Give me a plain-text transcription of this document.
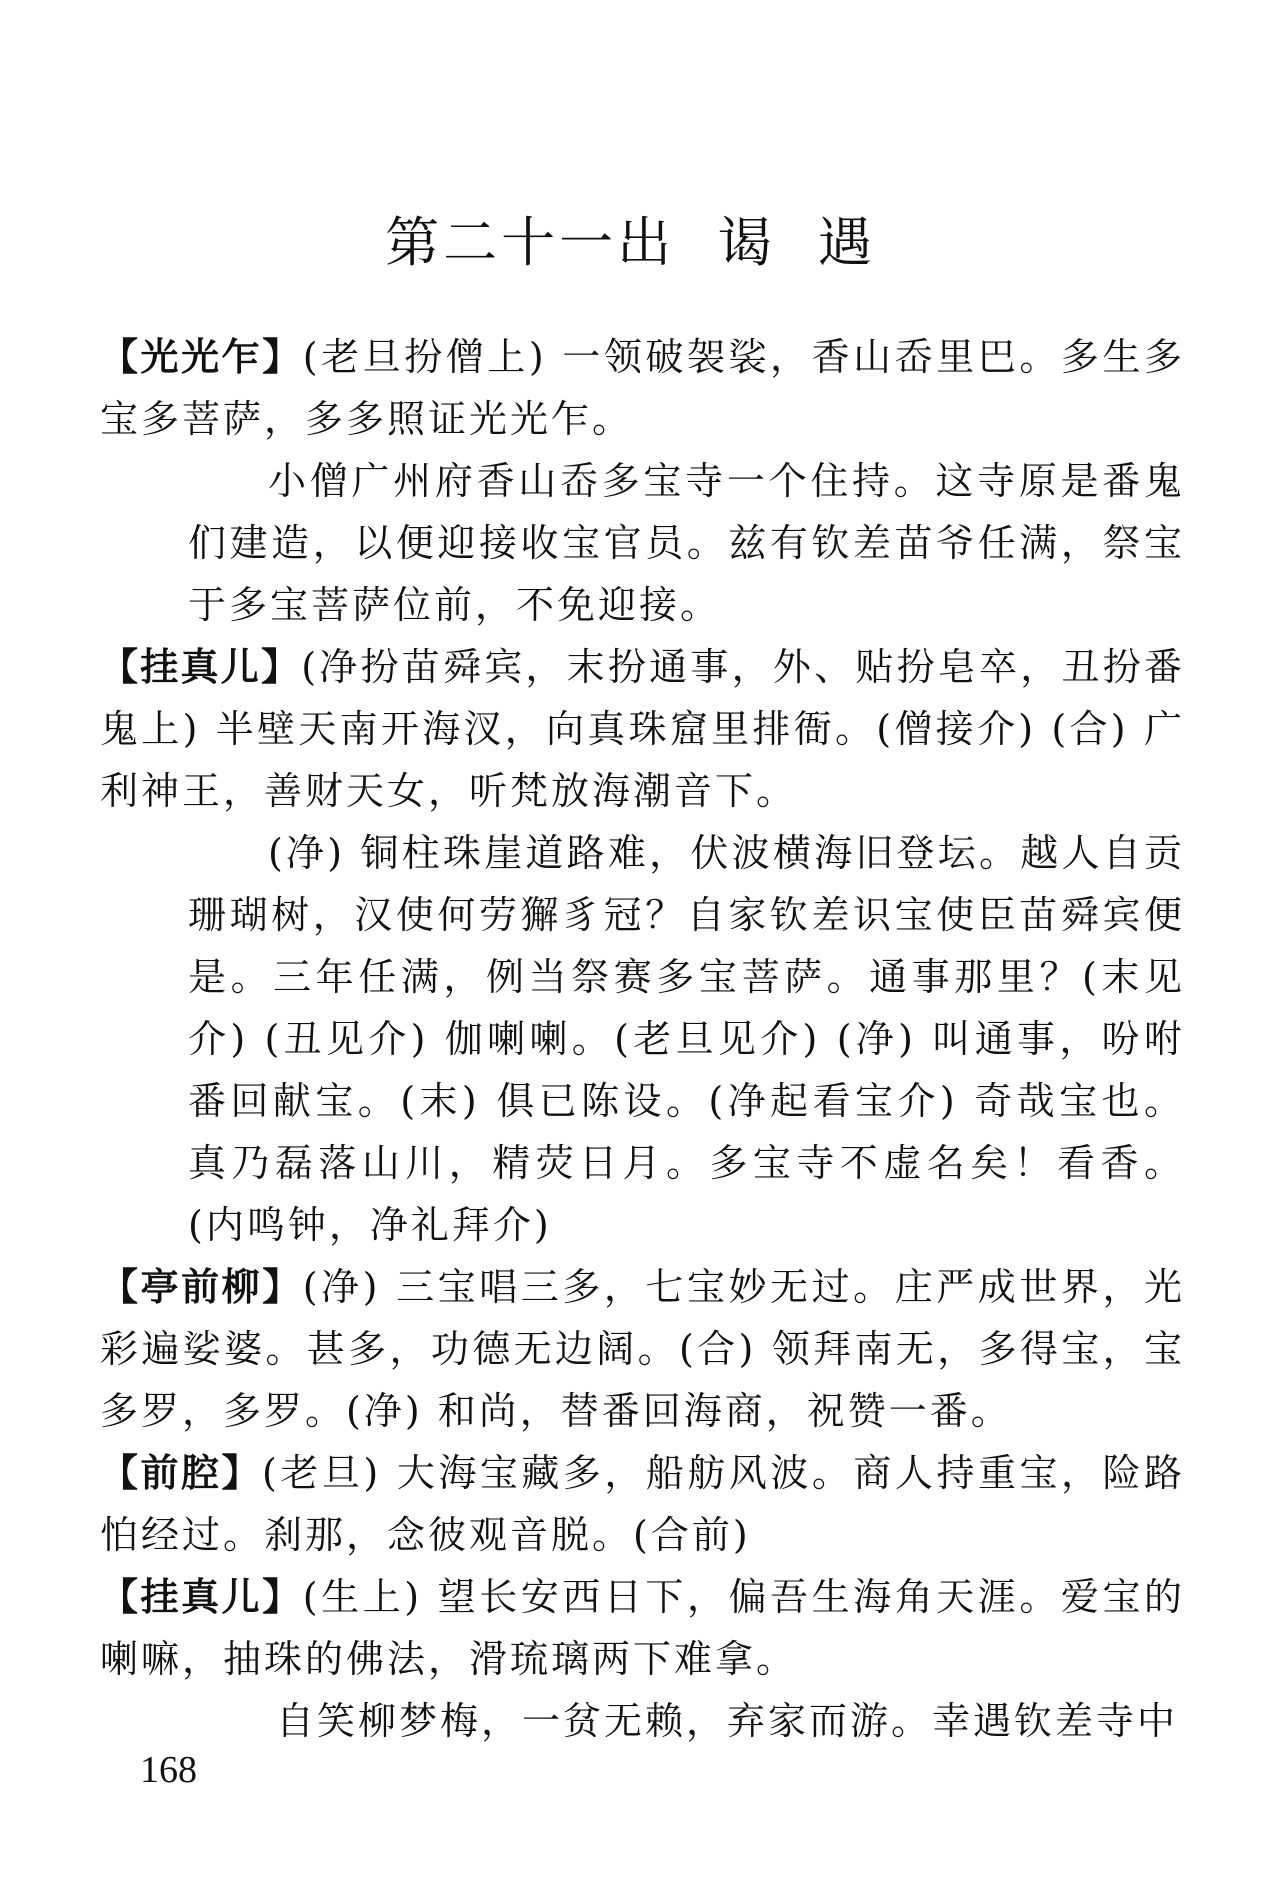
第二十一出  谒  遇

【光光乍】(老旦扮僧上) 一领破袈裟，香山岙里巴。多生多宝多菩萨，多多照证光光乍。

小僧广州府香山岙多宝寺一个住持。这寺原是番鬼们建造，以便迎接收宝官员。兹有钦差苗爷任满，祭宝于多宝菩萨位前，不免迎接。

【挂真儿】(净扮苗舜宾，末扮通事，外、贴扮皂卒，丑扮番鬼上) 半壁天南开海汊，向真珠窟里排衙。(僧接介) (合) 广利神王，善财天女，听梵放海潮音下。

(净) 铜柱珠崖道路难，伏波横海旧登坛。越人自贡珊瑚树，汉使何劳獬豸冠？自家钦差识宝使臣苗舜宾便是。三年任满，例当祭赛多宝菩萨。通事那里？(末见介) (丑见介) 伽喇喇。(老旦见介) (净) 叫通事，吩咐番回献宝。(末) 俱已陈设。(净起看宝介) 奇哉宝也。真乃磊落山川，精荧日月。多宝寺不虚名矣！看香。(内鸣钟，净礼拜介)

【亭前柳】(净) 三宝唱三多，七宝妙无过。庄严成世界，光彩遍娑婆。甚多，功德无边阔。(合) 领拜南无，多得宝，宝多罗，多罗。(净) 和尚，替番回海商，祝赞一番。

【前腔】(老旦) 大海宝藏多，船舫风波。商人持重宝，险路怕经过。刹那，念彼观音脱。(合前)

【挂真儿】(生上) 望长安西日下，偏吾生海角天涯。爱宝的喇嘛，抽珠的佛法，滑琉璃两下难拿。

自笑柳梦梅，一贫无赖，弃家而游。幸遇钦差寺中

168
